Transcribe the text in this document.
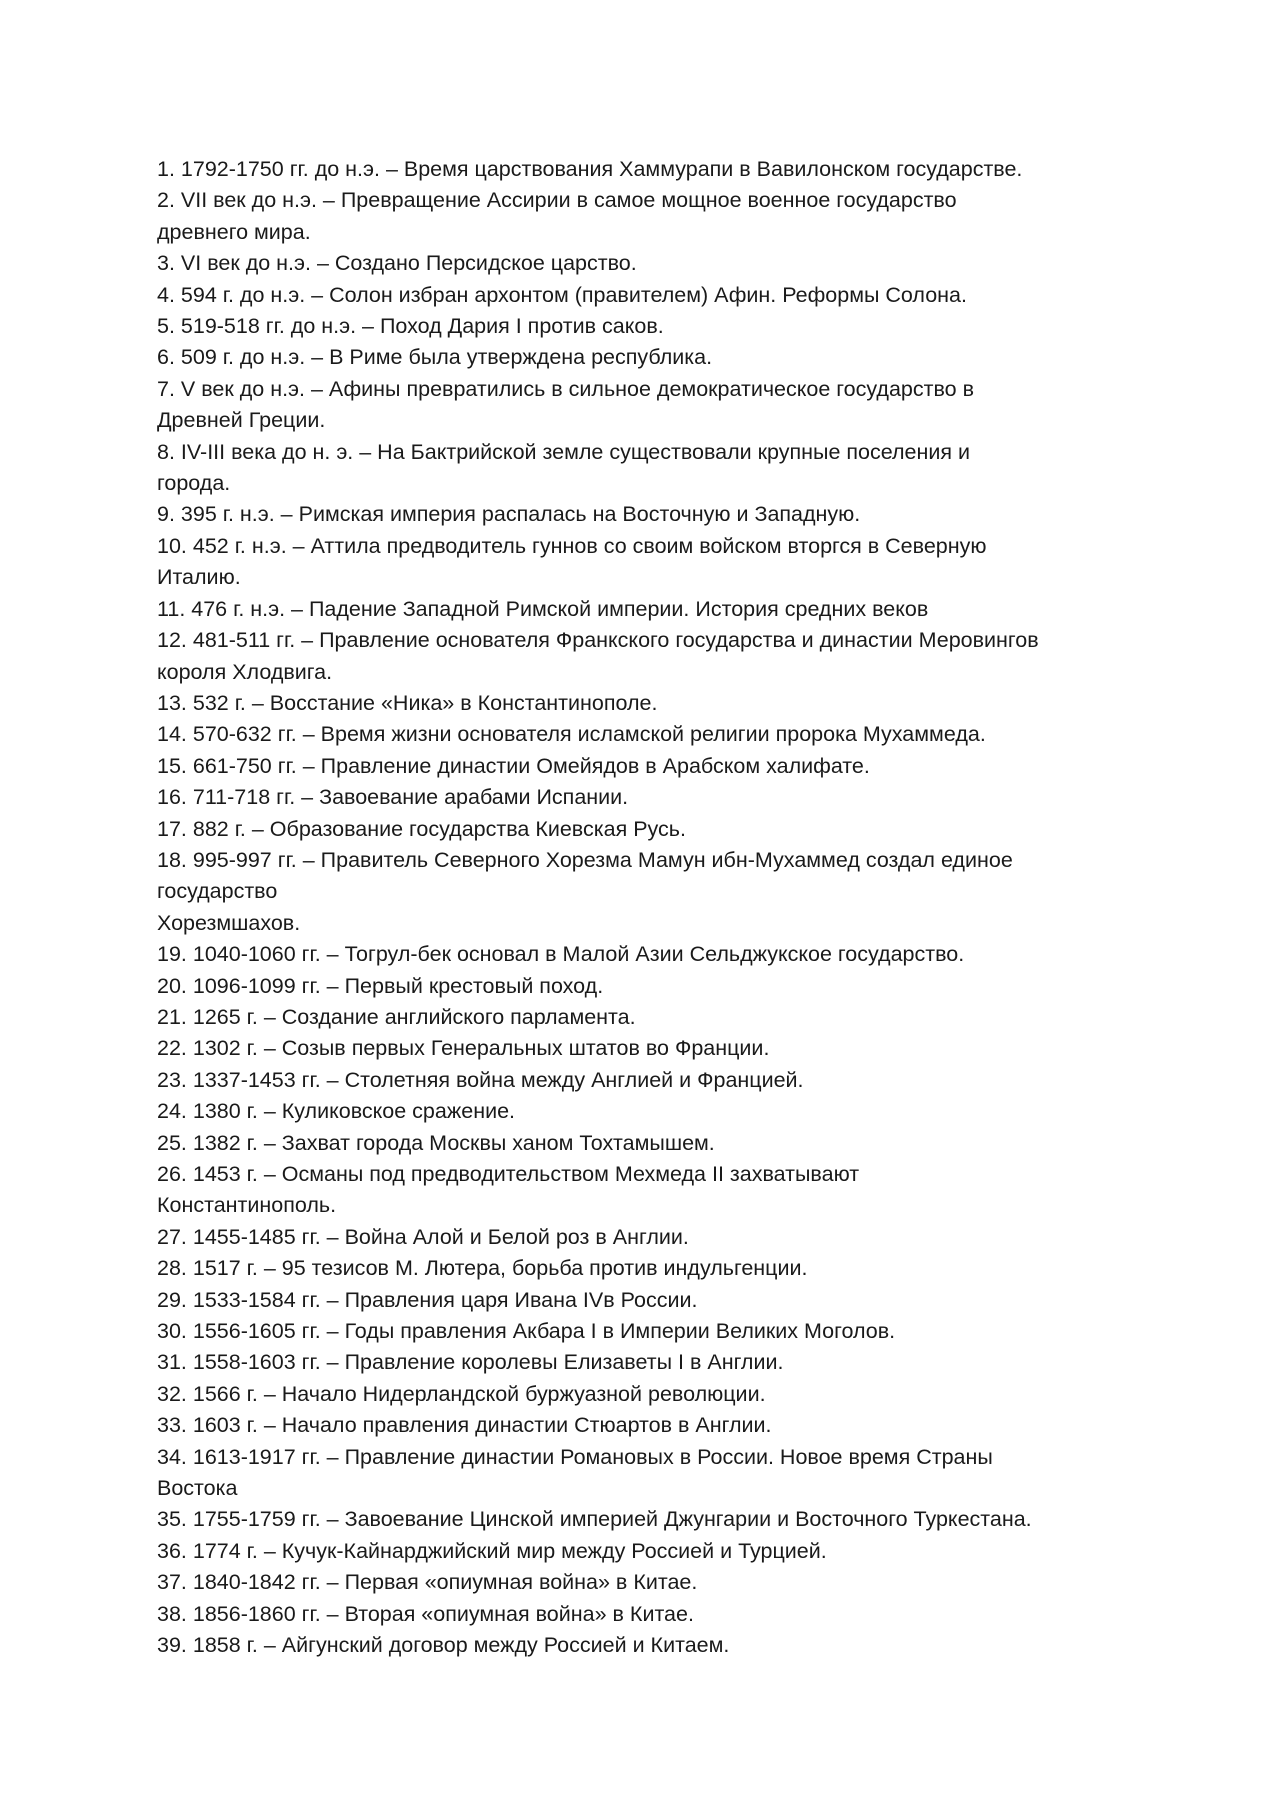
1. 1792-1750 гг. до н.э. – Время царствования Хаммурапи в Вавилонском государстве.
2. VII век до н.э. – Превращение Ассирии в самое мощное военное государство
древнего мира.
3. VI век до н.э. – Создано Персидское царство.
4. 594 г. до н.э. – Солон избран архонтом (правителем) Афин. Реформы Солона.
5. 519-518 гг. до н.э. – Поход Дария I против саков.
6. 509 г. до н.э. – В Риме была утверждена республика.
7. V век до н.э. – Афины превратились в сильное демократическое государство в
Древней Греции.
8. IV-III века до н. э. – На Бактрийской земле существовали крупные поселения и
города.
9. 395 г. н.э. – Римская империя распалась на Восточную и Западную.
10. 452 г. н.э. – Аттила предводитель гуннов со своим войском вторгся в Северную
Италию.
11. 476 г. н.э. – Падение Западной Римской империи. История средних веков
12. 481-511 гг. – Правление основателя Франкского государства и династии Меровингов
короля Хлодвига.
13. 532 г. – Восстание «Ника» в Константинополе.
14. 570-632 гг. – Время жизни основателя исламской религии пророка Мухаммеда.
15. 661-750 гг. – Правление династии Омейядов в Арабском халифате.
16. 711-718 гг. – Завоевание арабами Испании.
17. 882 г. – Образование государства Киевская Русь.
18. 995-997 гг. – Правитель Северного Хорезма Мамун ибн-Мухаммед создал единое
государство
Хорезмшахов.
19. 1040-1060 гг. – Тогрул-бек основал в Малой Азии Сельджукское государство.
20. 1096-1099 гг. – Первый крестовый поход.
21. 1265 г. – Создание английского парламента.
22. 1302 г. – Созыв первых Генеральных штатов во Франции.
23. 1337-1453 гг. – Столетняя война между Англией и Францией.
24. 1380 г. – Куликовское сражение.
25. 1382 г. – Захват города Москвы ханом Тохтамышем.
26. 1453 г. – Османы под предводительством Мехмеда II захватывают
Константинополь.
27. 1455-1485 гг. – Война Алой и Белой роз в Англии.
28. 1517 г. – 95 тезисов М. Лютера, борьба против индульгенции.
29. 1533-1584 гг. – Правления царя Ивана IVв России.
30. 1556-1605 гг. – Годы правления Акбара I в Империи Великих Моголов.
31. 1558-1603 гг. – Правление королевы Елизаветы I в Англии.
32. 1566 г. – Начало Нидерландской буржуазной революции.
33. 1603 г. – Начало правления династии Стюартов в Англии.
34. 1613-1917 гг. – Правление династии Романовых в России. Новое время Страны
Востока
35. 1755-1759 гг. – Завоевание Цинской империей Джунгарии и Восточного Туркестана.
36. 1774 г. – Кучук-Кайнарджийский мир между Россией и Турцией.
37. 1840-1842 гг. – Первая «опиумная война» в Китае.
38. 1856-1860 гг. – Вторая «опиумная война» в Китае.
39. 1858 г. – Айгунский договор между Россией и Китаем.
